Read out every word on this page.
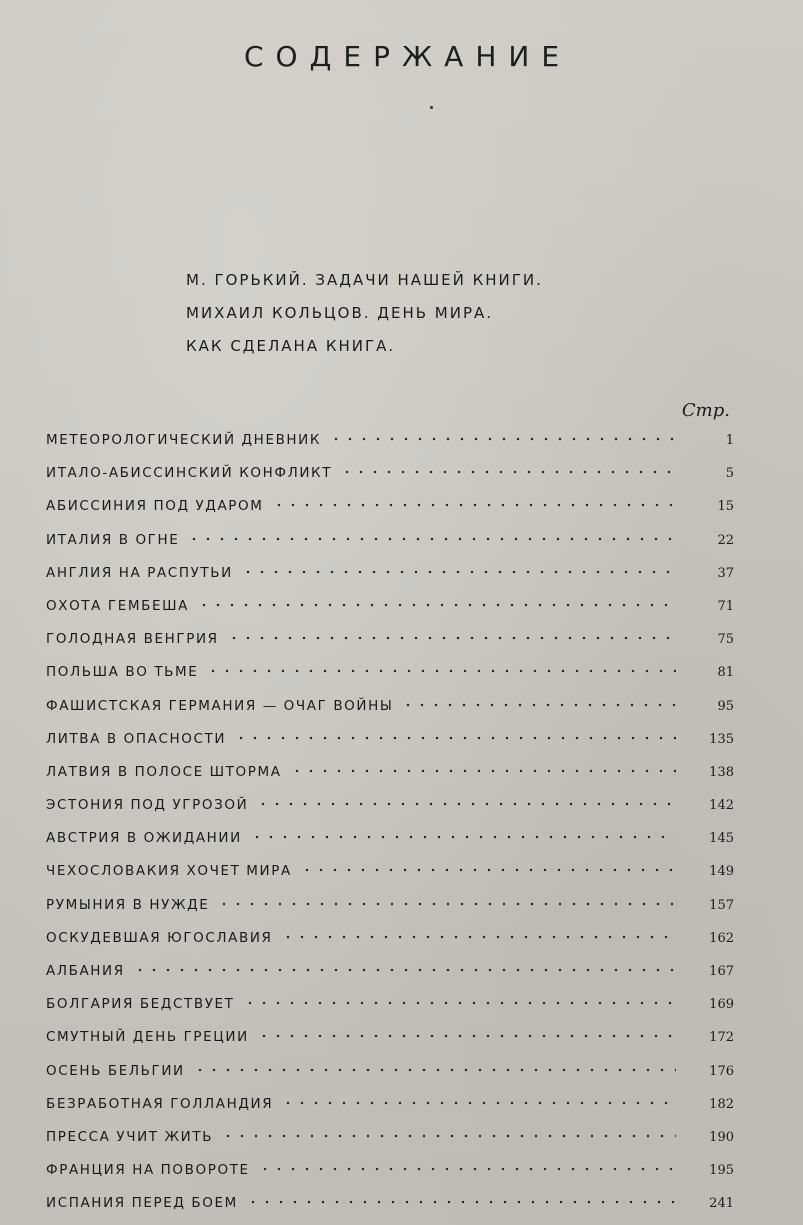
СОДЕРЖАНИЕ
М. ГОРЬКИЙ. ЗАДАЧИ НАШЕЙ КНИГИ.
МИХАИЛ КОЛЬЦОВ. ДЕНЬ МИРА.
КАК СДЕЛАНА КНИГА.
Стр.
МЕТЕОРОЛОГИЧЕСКИЙ ДНЕВНИК	1
ИТАЛО-АБИССИНСКИЙ КОНФЛИКТ	5
АБИССИНИЯ ПОД УДАРОМ	15
ИТАЛИЯ В ОГНЕ	22
АНГЛИЯ НА РАСПУТЬИ	37
ОХОТА ГЕМБЕША	71
ГОЛОДНАЯ ВЕНГРИЯ	75
ПОЛЬША ВО ТЬМЕ	81
ФАШИСТСКАЯ ГЕРМАНИЯ — ОЧАГ ВОЙНЫ	95
ЛИТВА В ОПАСНОСТИ	135
ЛАТВИЯ В ПОЛОСЕ ШТОРМА	138
ЭСТОНИЯ ПОД УГРОЗОЙ	142
АВСТРИЯ В ОЖИДАНИИ	145
ЧЕХОСЛОВАКИЯ ХОЧЕТ МИРА	149
РУМЫНИЯ В НУЖДЕ	157
ОСКУДЕВШАЯ ЮГОСЛАВИЯ	162
АЛБАНИЯ	167
БОЛГАРИЯ БЕДСТВУЕТ	169
СМУТНЫЙ ДЕНЬ ГРЕЦИИ	172
ОСЕНЬ БЕЛЬГИИ	176
БЕЗРАБОТНАЯ ГОЛЛАНДИЯ	182
ПРЕССА УЧИТ ЖИТЬ	190
ФРАНЦИЯ НА ПОВОРОТЕ	195
ИСПАНИЯ ПЕРЕД БОЕМ	241
